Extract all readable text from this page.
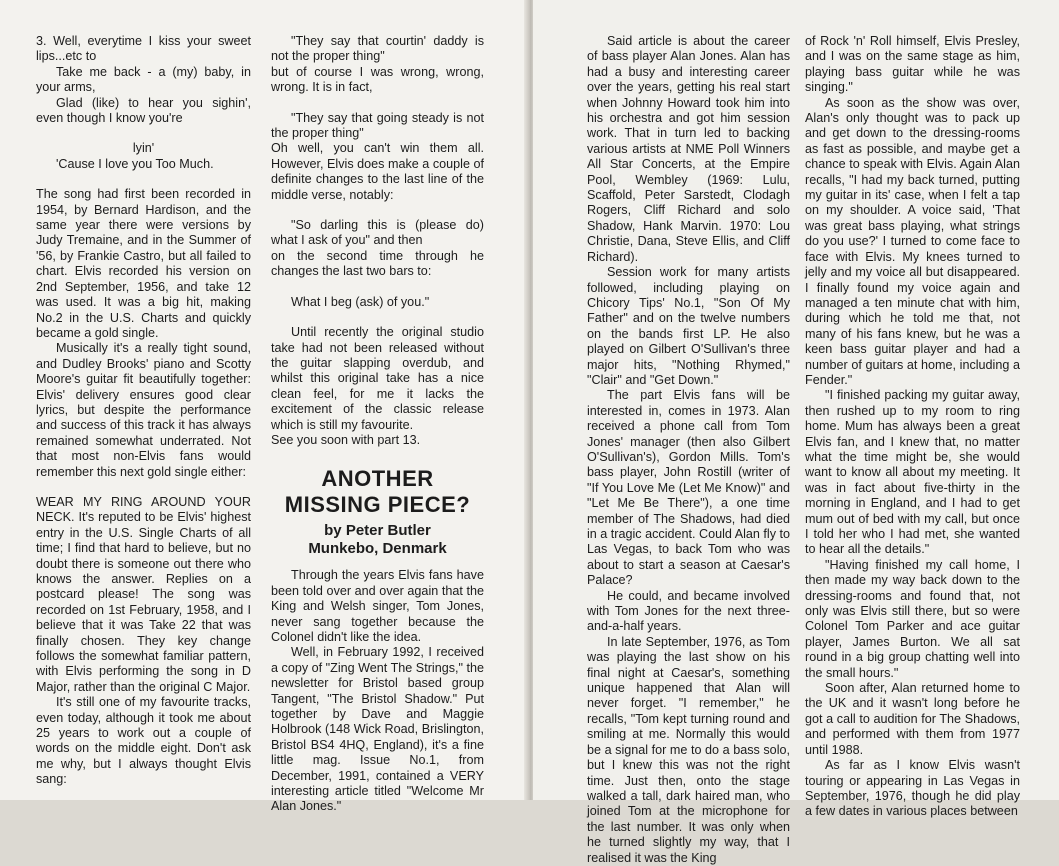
3. Well, everytime I kiss your sweet lips...etc to

Take me back - a (my) baby, in your arms,

Glad (like) to hear you sighin', even though I know you're

lyin'

'Cause I love you Too Much.

The song had first been recorded in 1954, by Bernard Hardison, and the same year there were versions by Judy Tremaine, and in the Summer of '56, by Frankie Castro, but all failed to chart. Elvis recorded his version on 2nd September, 1956, and take 12 was used. It was a big hit, making No.2 in the U.S. Charts and quickly became a gold single.

Musically it's a really tight sound, and Dudley Brooks' piano and Scotty Moore's guitar fit beautifully together: Elvis' delivery ensures good clear lyrics, but despite the performance and success of this track it has always remained somewhat underrated. Not that most non-Elvis fans would remember this next gold single either:

WEAR MY RING AROUND YOUR NECK. It's reputed to be Elvis' highest entry in the U.S. Single Charts of all time; I find that hard to believe, but no doubt there is someone out there who knows the answer. Replies on a postcard please! The song was recorded on 1st February, 1958, and I believe that it was Take 22 that was finally chosen. They key change follows the somewhat familiar pattern, with Elvis performing the song in D Major, rather than the original C Major.

It's still one of my favourite tracks, even today, although it took me about 25 years to work out a couple of words on the middle eight. Don't ask me why, but I always thought Elvis sang:

"They say that courtin' daddy is not the proper thing"

but of course I was wrong, wrong, wrong. It is in fact,

"They say that going steady is not the proper thing"

Oh well, you can't win them all. However, Elvis does make a couple of definite changes to the last line of the middle verse, notably:

"So darling this is (please do) what I ask of you" and then

on the second time through he changes the last two bars to:

What I beg (ask) of you."

Until recently the original studio take had not been released without the guitar slapping overdub, and whilst this original take has a nice clean feel, for me it lacks the excitement of the classic release which is still my favourite.

See you soon with part 13.

ANOTHER MISSING PIECE?
by Peter Butler
Munkebo, Denmark

Through the years Elvis fans have been told over and over again that the King and Welsh singer, Tom Jones, never sang together because the Colonel didn't like the idea.

Well, in February 1992, I received a copy of "Zing Went The Strings," the newsletter for Bristol based group Tangent, "The Bristol Shadow." Put together by Dave and Maggie Holbrook (148 Wick Road, Brislington, Bristol BS4 4HQ, England), it's a fine little mag. Issue No.1, from December, 1991, contained a VERY interesting article titled "Welcome Mr Alan Jones."

Said article is about the career of bass player Alan Jones. Alan has had a busy and interesting career over the years, getting his real start when Johnny Howard took him into his orchestra and got him session work. That in turn led to backing various artists at NME Poll Winners All Star Concerts, at the Empire Pool, Wembley (1969: Lulu, Scaffold, Peter Sarstedt, Clodagh Rogers, Cliff Richard and solo Shadow, Hank Marvin. 1970: Lou Christie, Dana, Steve Ellis, and Cliff Richard).

Session work for many artists followed, including playing on Chicory Tips' No.1, "Son Of My Father" and on the twelve numbers on the bands first LP. He also played on Gilbert O'Sullivan's three major hits, "Nothing Rhymed," "Clair" and "Get Down."

The part Elvis fans will be interested in, comes in 1973. Alan received a phone call from Tom Jones' manager (then also Gilbert O'Sullivan's), Gordon Mills. Tom's bass player, John Rostill (writer of "If You Love Me (Let Me Know)" and "Let Me Be There"), a one time member of The Shadows, had died in a tragic accident. Could Alan fly to Las Vegas, to back Tom who was about to start a season at Caesar's Palace?

He could, and became involved with Tom Jones for the next three-and-a-half years.

In late September, 1976, as Tom was playing the last show on his final night at Caesar's, something unique happened that Alan will never forget. "I remember," he recalls, "Tom kept turning round and smiling at me. Normally this would be a signal for me to do a bass solo, but I knew this was not the right time. Just then, onto the stage walked a tall, dark haired man, who joined Tom at the microphone for the last number. It was only when he turned slightly my way, that I realised it was the King

of Rock 'n' Roll himself, Elvis Presley, and I was on the same stage as him, playing bass guitar while he was singing."

As soon as the show was over, Alan's only thought was to pack up and get down to the dressing-rooms as fast as possible, and maybe get a chance to speak with Elvis. Again Alan recalls, "I had my back turned, putting my guitar in its' case, when I felt a tap on my shoulder. A voice said, 'That was great bass playing, what strings do you use?' I turned to come face to face with Elvis. My knees turned to jelly and my voice all but disappeared. I finally found my voice again and managed a ten minute chat with him, during which he told me that, not many of his fans knew, but he was a keen bass guitar player and had a number of guitars at home, including a Fender."

"I finished packing my guitar away, then rushed up to my room to ring home. Mum has always been a great Elvis fan, and I knew that, no matter what the time might be, she would want to know all about my meeting. It was in fact about five-thirty in the morning in England, and I had to get mum out of bed with my call, but once I told her who I had met, she wanted to hear all the details."

"Having finished my call home, I then made my way back down to the dressing-rooms and found that, not only was Elvis still there, but so were Colonel Tom Parker and ace guitar player, James Burton. We all sat round in a big group chatting well into the small hours."

Soon after, Alan returned home to the UK and it wasn't long before he got a call to audition for The Shadows, and performed with them from 1977 until 1988.

As far as I know Elvis wasn't touring or appearing in Las Vegas in September, 1976, though he did play a few dates in various places between
